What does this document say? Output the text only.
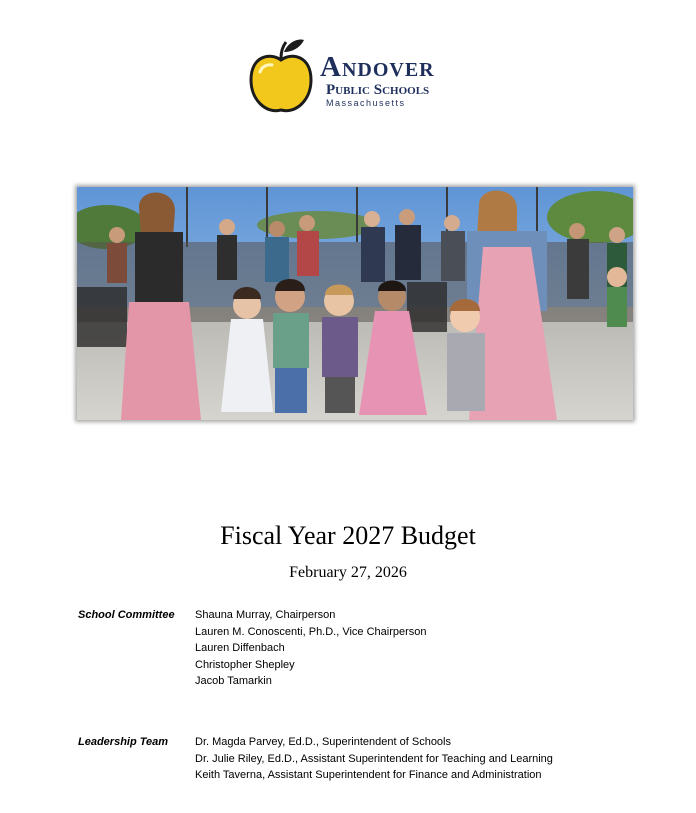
Andover
Public Schools
Massachusetts
Fiscal Year 2027 Budget
February 27, 2026
School Committee	Shauna Murray, Chairperson
Lauren M. Conoscenti, Ph.D., Vice Chairperson
Lauren Diffenbach
Christopher Shepley
Jacob Tamarkin
Leadership Team	Dr. Magda Parvey, Ed.D., Superintendent of Schools
Dr. Julie Riley, Ed.D., Assistant Superintendent for Teaching and Learning
Keith Taverna, Assistant Superintendent for Finance and Administration
